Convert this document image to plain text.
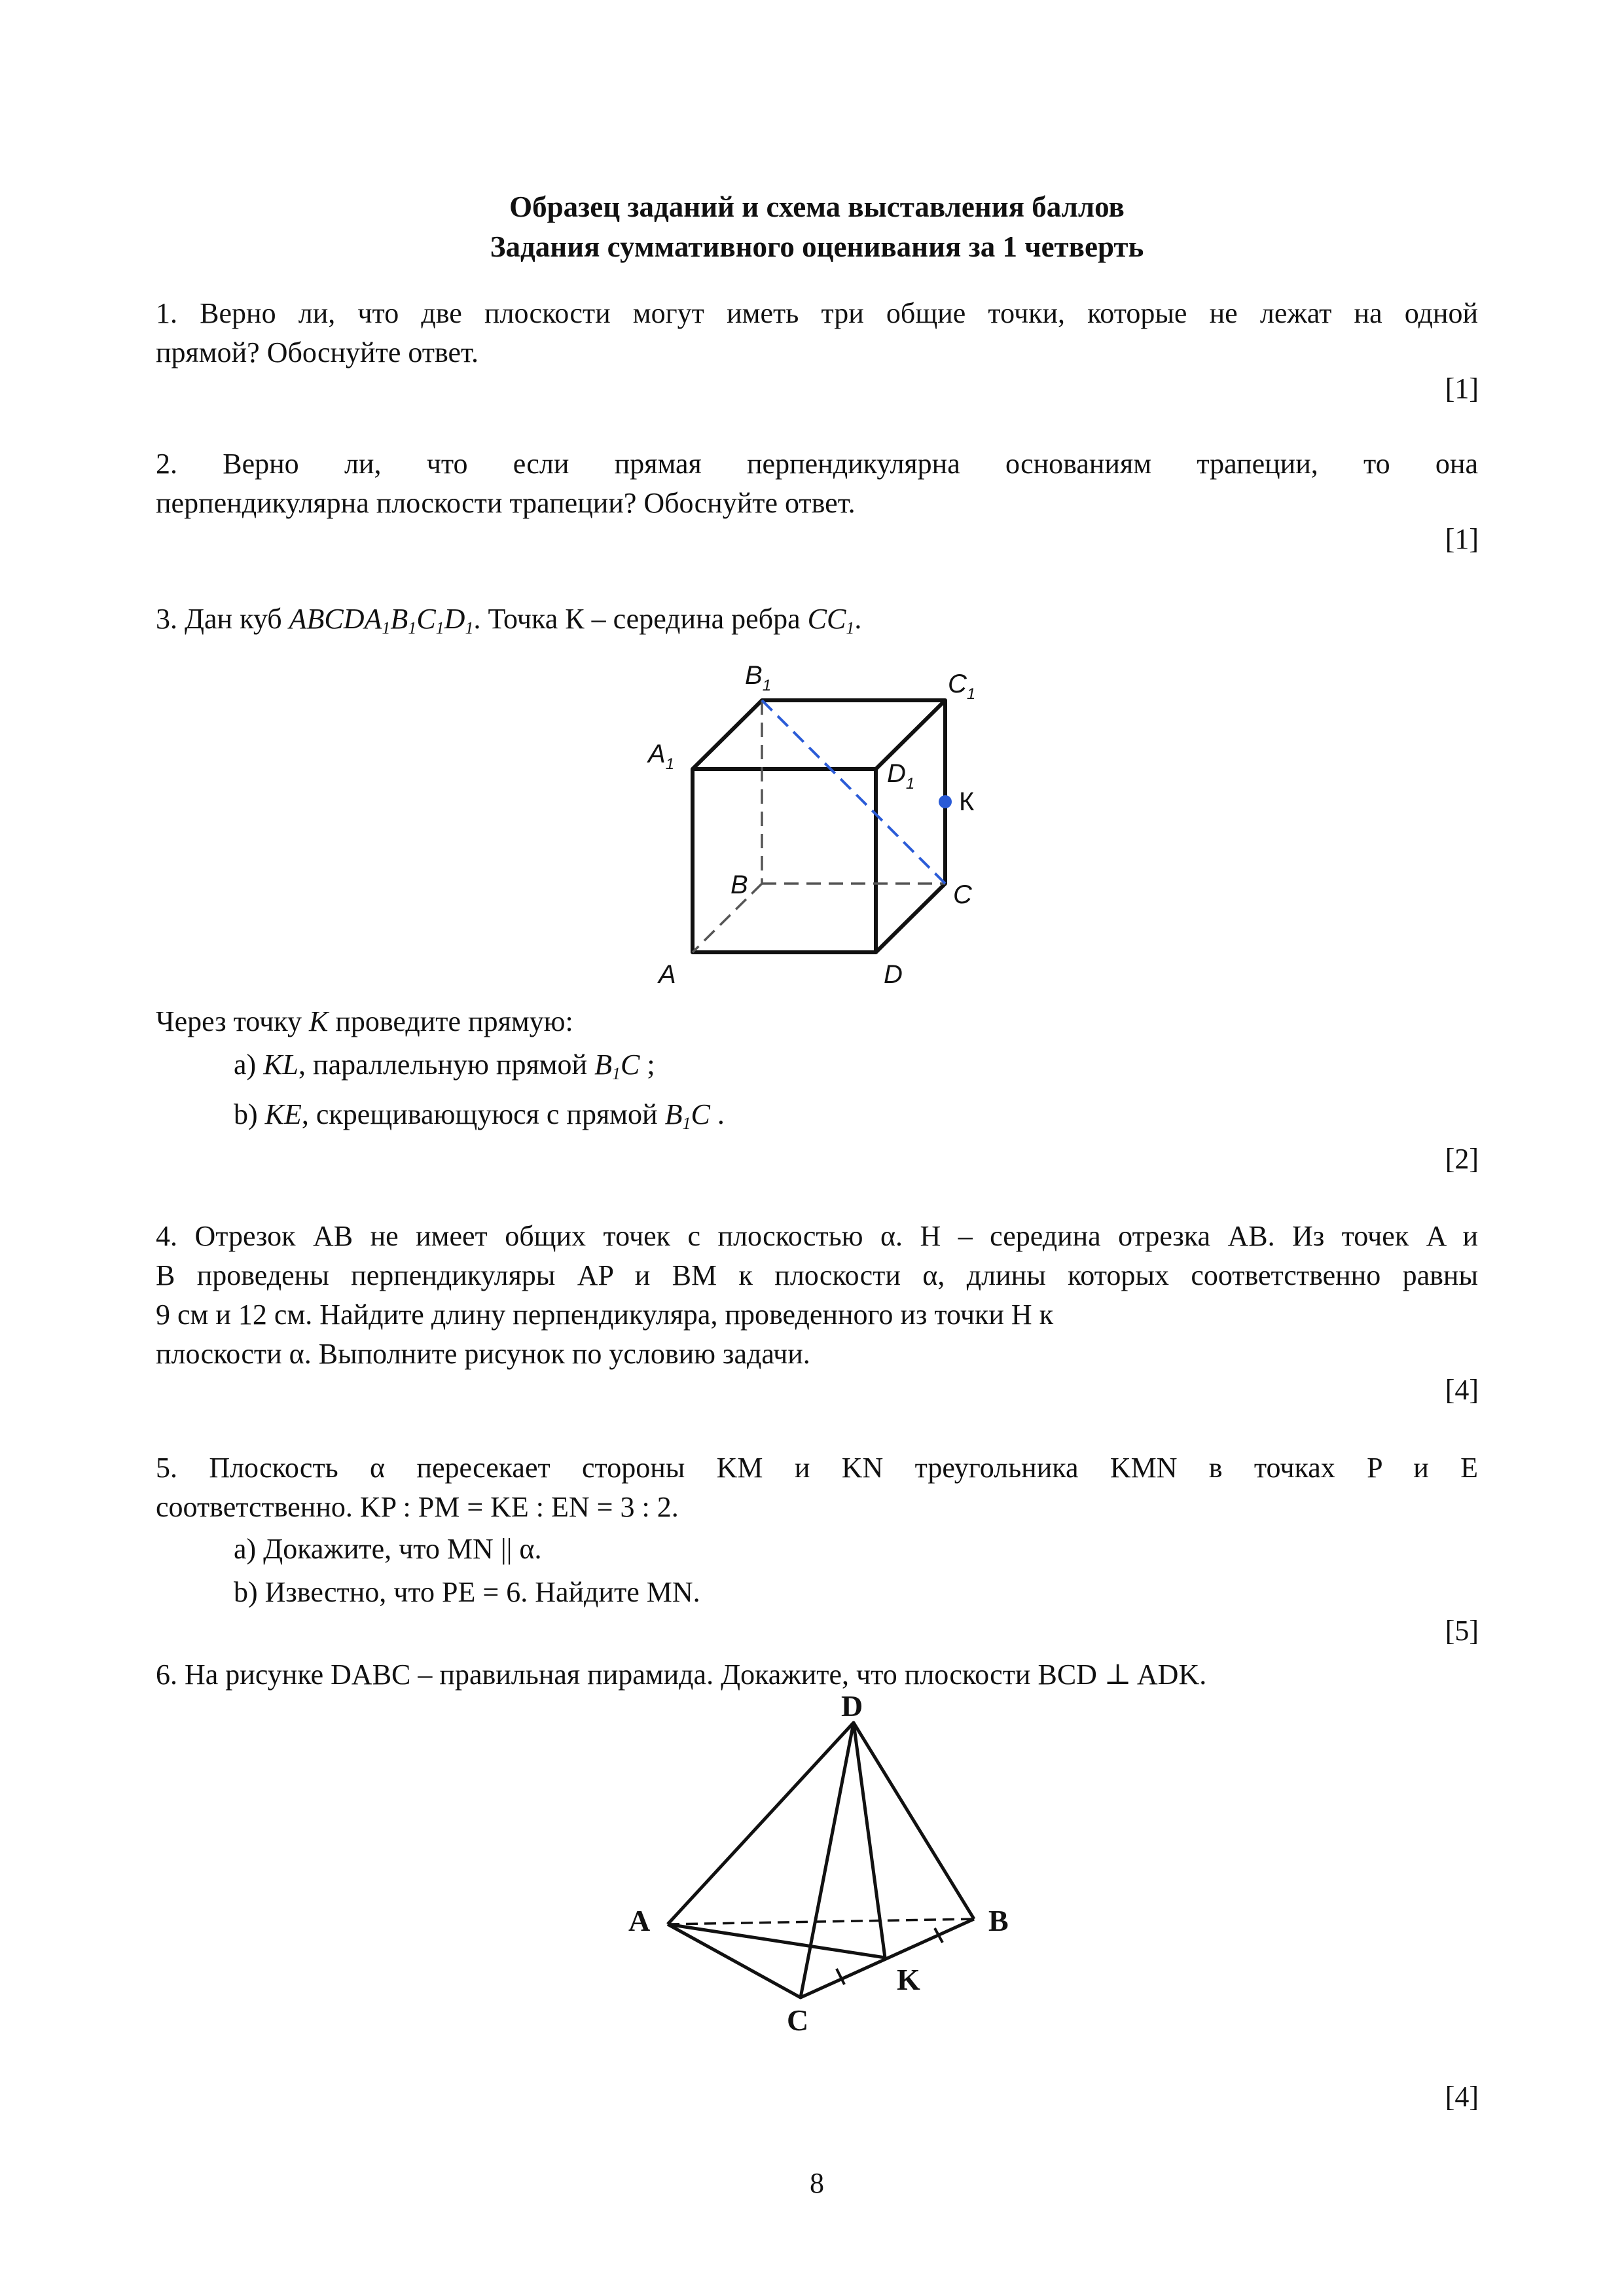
Образец заданий и схема выставления баллов
Задания суммативного оценивания за 1 четверть
1. Верно ли, что две плоскости могут иметь три общие точки, которые не лежат на одной
прямой? Обоснуйте ответ.
[1]
2. Верно ли, что если прямая перпендикулярна основаниям трапеции, то она
перпендикулярна плоскости трапеции? Обоснуйте ответ.
[1]
3. Дан куб $ABCDA_1B_1C_1D_1$. Точка К – середина ребра $CC_1$.
$A_1$
$B_1$	$C_1$
$D_1$
К
B	C
A	D
Через точку K проведите прямую:
a) KL, параллельную прямой $B_1C$ ;
b) KE, скрещивающуюся с прямой $B_1C$ .
[2]
4. Отрезок AB не имеет общих точек с плоскостью α. H – середина отрезка AB. Из точек A и
B проведены перпендикуляры AP и BM к плоскости α, длины которых соответственно равны
9 см и 12 см. Найдите длину перпендикуляра, проведенного из точки H к
плоскости α. Выполните рисунок по условию задачи.
[4]
5. Плоскость α пересекает стороны KM и KN треугольника KMN в точках P и E
соответственно. KP : PM = KE : EN = 3 : 2.
a) Докажите, что MN || α.
b) Известно, что PE = 6. Найдите MN.
[5]
6. На рисунке DABC – правильная пирамида. Докажите, что плоскости BCD ⊥ ADK.
D
A	B
C
K
[4]
8
